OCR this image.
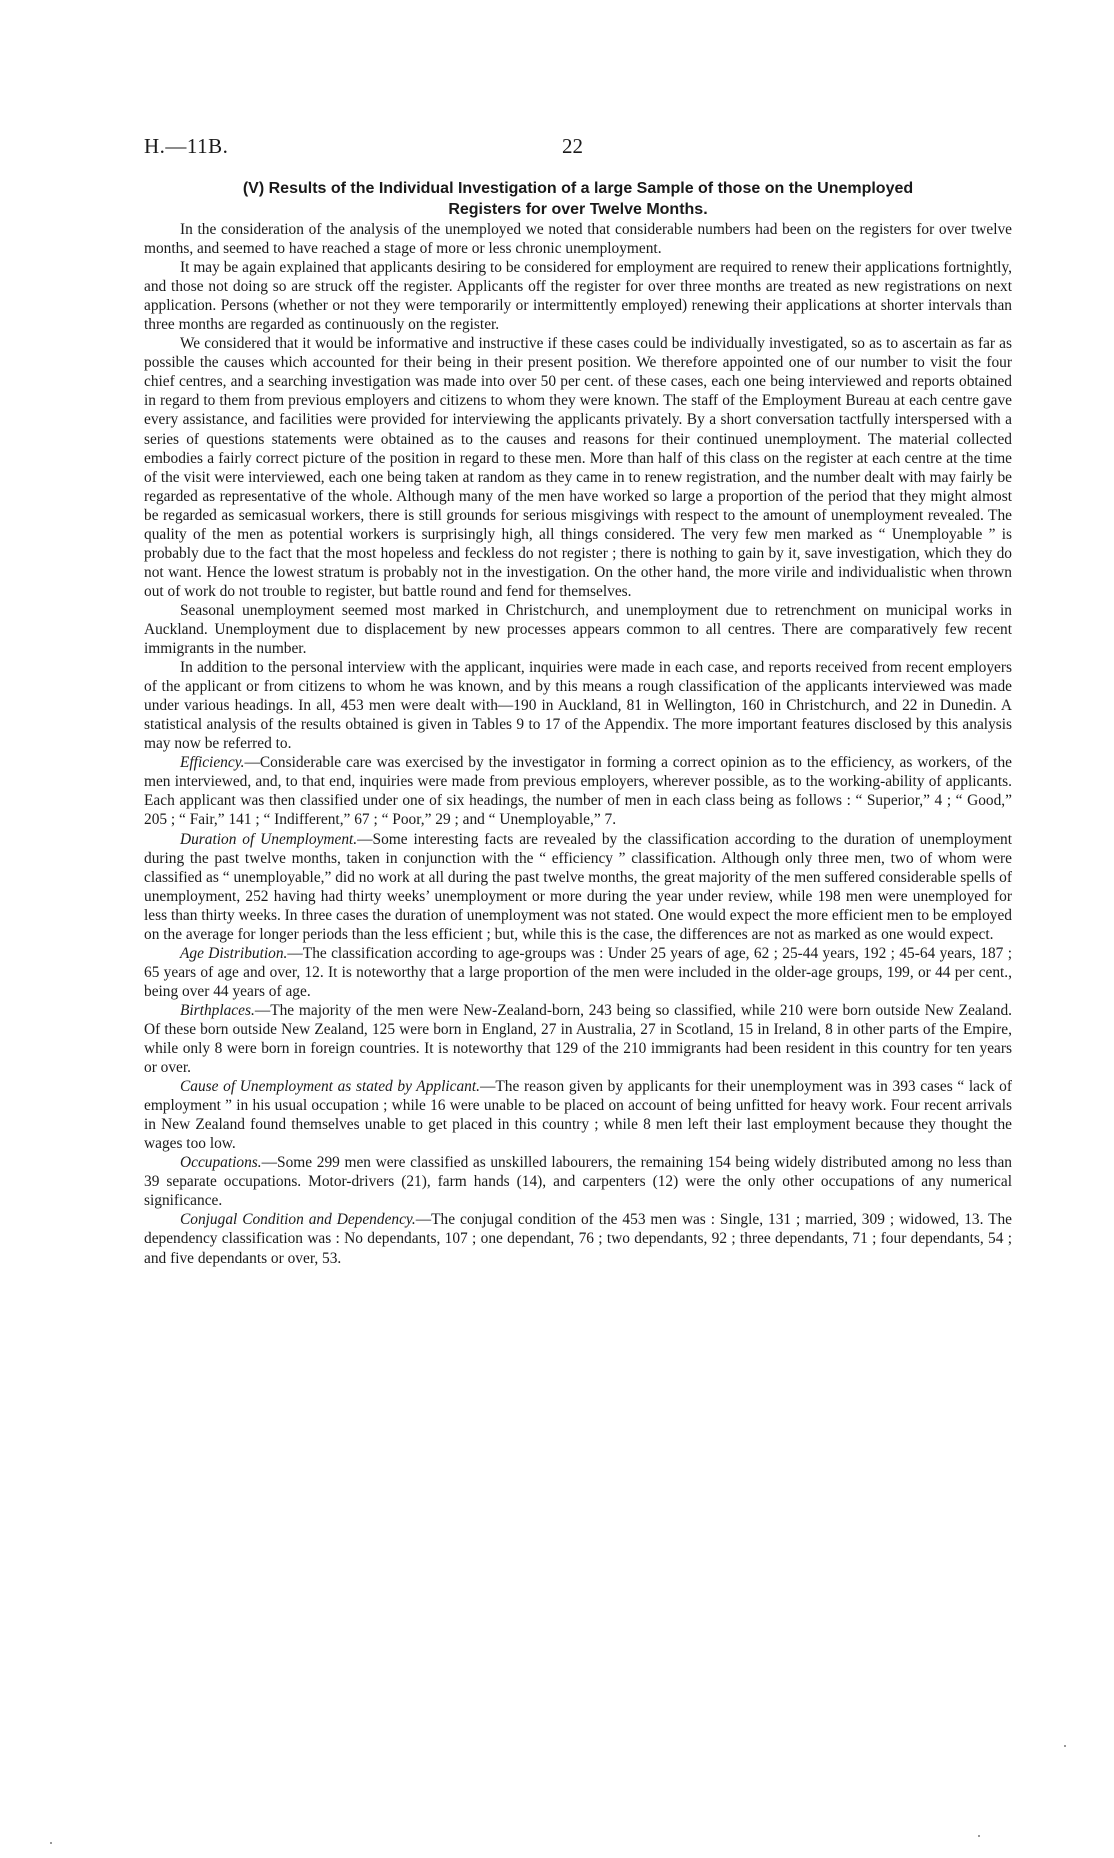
H.—11B.	22
(V) Results of the Individual Investigation of a large Sample of those on the Unemployed
Registers for over Twelve Months.

In the consideration of the analysis of the unemployed we noted that considerable numbers had been on the registers for over twelve months, and seemed to have reached a stage of more or less chronic unemployment.

It may be again explained that applicants desiring to be considered for employment are required to renew their applications fortnightly, and those not doing so are struck off the register. Applicants off the register for over three months are treated as new registrations on next application. Persons (whether or not they were temporarily or intermittently employed) renewing their applications at shorter intervals than three months are regarded as continuously on the register.

We considered that it would be informative and instructive if these cases could be individually investigated, so as to ascertain as far as possible the causes which accounted for their being in their present position. We therefore appointed one of our number to visit the four chief centres, and a searching investigation was made into over 50 per cent. of these cases, each one being interviewed and reports obtained in regard to them from previous employers and citizens to whom they were known. The staff of the Employment Bureau at each centre gave every assistance, and facilities were provided for interviewing the applicants privately. By a short conversation tactfully interspersed with a series of questions statements were obtained as to the causes and reasons for their continued unemployment. The material collected embodies a fairly correct picture of the position in regard to these men. More than half of this class on the register at each centre at the time of the visit were interviewed, each one being taken at random as they came in to renew registration, and the number dealt with may fairly be regarded as representative of the whole. Although many of the men have worked so large a proportion of the period that they might almost be regarded as semicasual workers, there is still grounds for serious misgivings with respect to the amount of unemployment revealed. The quality of the men as potential workers is surprisingly high, all things considered. The very few men marked as “ Unemployable ” is probably due to the fact that the most hopeless and feckless do not register ; there is nothing to gain by it, save investigation, which they do not want. Hence the lowest stratum is probably not in the investigation. On the other hand, the more virile and individualistic when thrown out of work do not trouble to register, but battle round and fend for themselves.

Seasonal unemployment seemed most marked in Christchurch, and unemployment due to retrenchment on municipal works in Auckland. Unemployment due to displacement by new processes appears common to all centres. There are comparatively few recent immigrants in the number.

In addition to the personal interview with the applicant, inquiries were made in each case, and reports received from recent employers of the applicant or from citizens to whom he was known, and by this means a rough classification of the applicants interviewed was made under various headings. In all, 453 men were dealt with—190 in Auckland, 81 in Wellington, 160 in Christchurch, and 22 in Dunedin. A statistical analysis of the results obtained is given in Tables 9 to 17 of the Appendix. The more important features disclosed by this analysis may now be referred to.

Efficiency.—Considerable care was exercised by the investigator in forming a correct opinion as to the efficiency, as workers, of the men interviewed, and, to that end, inquiries were made from previous employers, wherever possible, as to the working-ability of applicants. Each applicant was then classified under one of six headings, the number of men in each class being as follows : “ Superior,” 4 ; “ Good,” 205 ; “ Fair,” 141 ; “ Indifferent,” 67 ; “ Poor,” 29 ; and “ Unemployable,” 7.

Duration of Unemployment.—Some interesting facts are revealed by the classification according to the duration of unemployment during the past twelve months, taken in conjunction with the “ efficiency ” classification. Although only three men, two of whom were classified as “ unemployable,” did no work at all during the past twelve months, the great majority of the men suffered considerable spells of unemployment, 252 having had thirty weeks’ unemployment or more during the year under review, while 198 men were unemployed for less than thirty weeks. In three cases the duration of unemployment was not stated. One would expect the more efficient men to be employed on the average for longer periods than the less efficient ; but, while this is the case, the differences are not as marked as one would expect.

Age Distribution.—The classification according to age-groups was : Under 25 years of age, 62 ; 25-44 years, 192 ; 45-64 years, 187 ; 65 years of age and over, 12. It is noteworthy that a large proportion of the men were included in the older-age groups, 199, or 44 per cent., being over 44 years of age.

Birthplaces.—The majority of the men were New-Zealand-born, 243 being so classified, while 210 were born outside New Zealand. Of these born outside New Zealand, 125 were born in England, 27 in Australia, 27 in Scotland, 15 in Ireland, 8 in other parts of the Empire, while only 8 were born in foreign countries. It is noteworthy that 129 of the 210 immigrants had been resident in this country for ten years or over.

Cause of Unemployment as stated by Applicant.—The reason given by applicants for their unemployment was in 393 cases “ lack of employment ” in his usual occupation ; while 16 were unable to be placed on account of being unfitted for heavy work. Four recent arrivals in New Zealand found themselves unable to get placed in this country ; while 8 men left their last employment because they thought the wages too low.

Occupations.—Some 299 men were classified as unskilled labourers, the remaining 154 being widely distributed among no less than 39 separate occupations. Motor-drivers (21), farm hands (14), and carpenters (12) were the only other occupations of any numerical significance.

Conjugal Condition and Dependency.—The conjugal condition of the 453 men was : Single, 131 ; married, 309 ; widowed, 13. The dependency classification was : No dependants, 107 ; one dependant, 76 ; two dependants, 92 ; three dependants, 71 ; four dependants, 54 ; and five dependants or over, 53.
